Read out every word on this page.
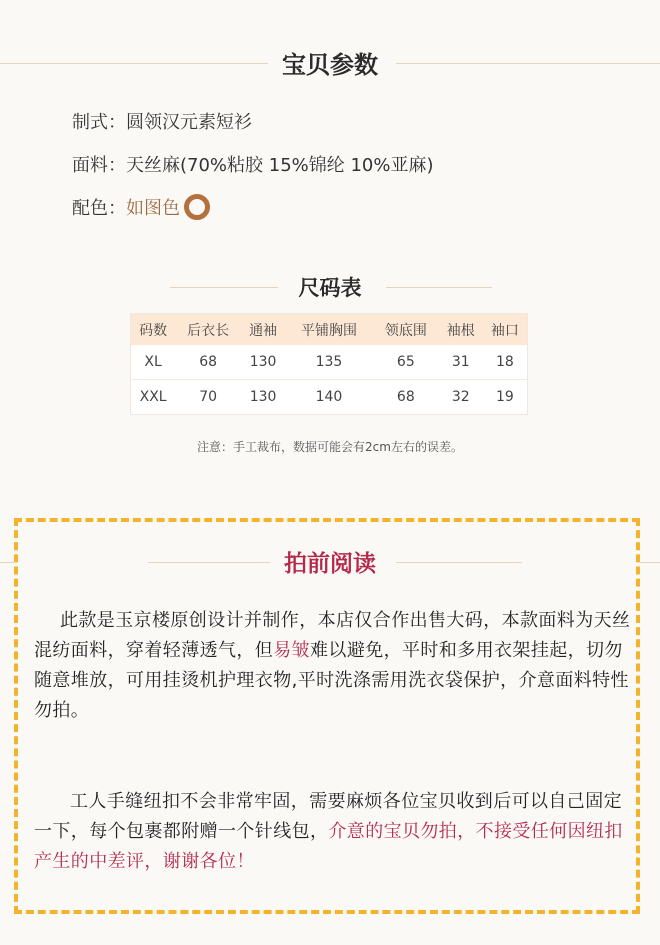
宝贝参数
制式：圆领汉元素短衫
面料：天丝麻(70%粘胶 15%锦纶 10%亚麻)
配色：如图色
尺码表
码数	后衣长	通袖	平铺胸围	领底围	袖根	袖口
XL	68	130	135	65	31	18
XXL	70	130	140	68	32	19
注意：手工裁布，数据可能会有2cm左右的误差。
拍前阅读
此款是玉京楼原创设计并制作，本店仅合作出售大码，本款面料为天丝混纺面料，穿着轻薄透气，但易皱难以避免，平时和多用衣架挂起，切勿随意堆放，可用挂烫机护理衣物,平时洗涤需用洗衣袋保护，介意面料特性勿拍。
工人手缝纽扣不会非常牢固，需要麻烦各位宝贝收到后可以自己固定一下，每个包裹都附赠一个针线包，介意的宝贝勿拍，不接受任何因纽扣产生的中差评，谢谢各位！
